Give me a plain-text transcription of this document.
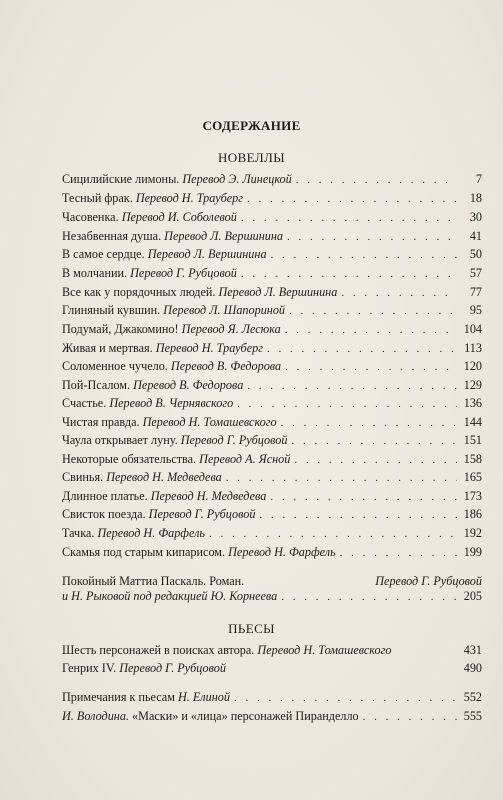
СОДЕРЖАНИЕ
НОВЕЛЛЫ
Сицилийские лимоны. Перевод Э. Линецкой . . .	7
Тесный фрак. Перевод Н. Трауберг . . .	18
Часовенка. Перевод И. Соболевой . . .	30
Незабвенная душа. Перевод Л. Вершинина . . .	41
В самое сердце. Перевод Л. Вершинина . . .	50
В молчании. Перевод Г. Рубцовой . . .	57
Все как у порядочных людей. Перевод Л. Вершинина . . .	77
Глиняный кувшин. Перевод Л. Шапориной . . .	95
Подумай, Джакомино! Перевод Я. Лесюка . . .	104
Живая и мертвая. Перевод Н. Трауберг . . .	113
Соломенное чучело. Перевод В. Федорова . . .	120
Пой-Псалом. Перевод В. Федорова . . .	129
Счастье. Перевод В. Чернявского . . .	136
Чистая правда. Перевод Н. Томашевского . . .	144
Чаула открывает луну. Перевод Г. Рубцовой . . .	151
Некоторые обязательства. Перевод А. Ясной . . .	158
Свинья. Перевод Н. Медведева . . .	165
Длинное платье. Перевод Н. Медведева . . .	173
Свисток поезда. Перевод Г. Рубцовой . . .	186
Тачка. Перевод Н. Фарфель . . .	192
Скамья под старым кипарисом. Перевод Н. Фарфель . . .	199
Покойный Маттиа Паскаль. Роман.	Перевод Г. Рубцовой
и Н. Рыковой под редакцией Ю. Корнеева . . .	205
ПЬЕСЫ
Шесть персонажей в поисках автора. Перевод Н. Томашевского	431
Генрих IV. Перевод Г. Рубцовой	490
Примечания к пьесам Н. Елиной . . .	552
И. Володина. «Маски» и «лица» персонажей Пиранделло . . .	555
